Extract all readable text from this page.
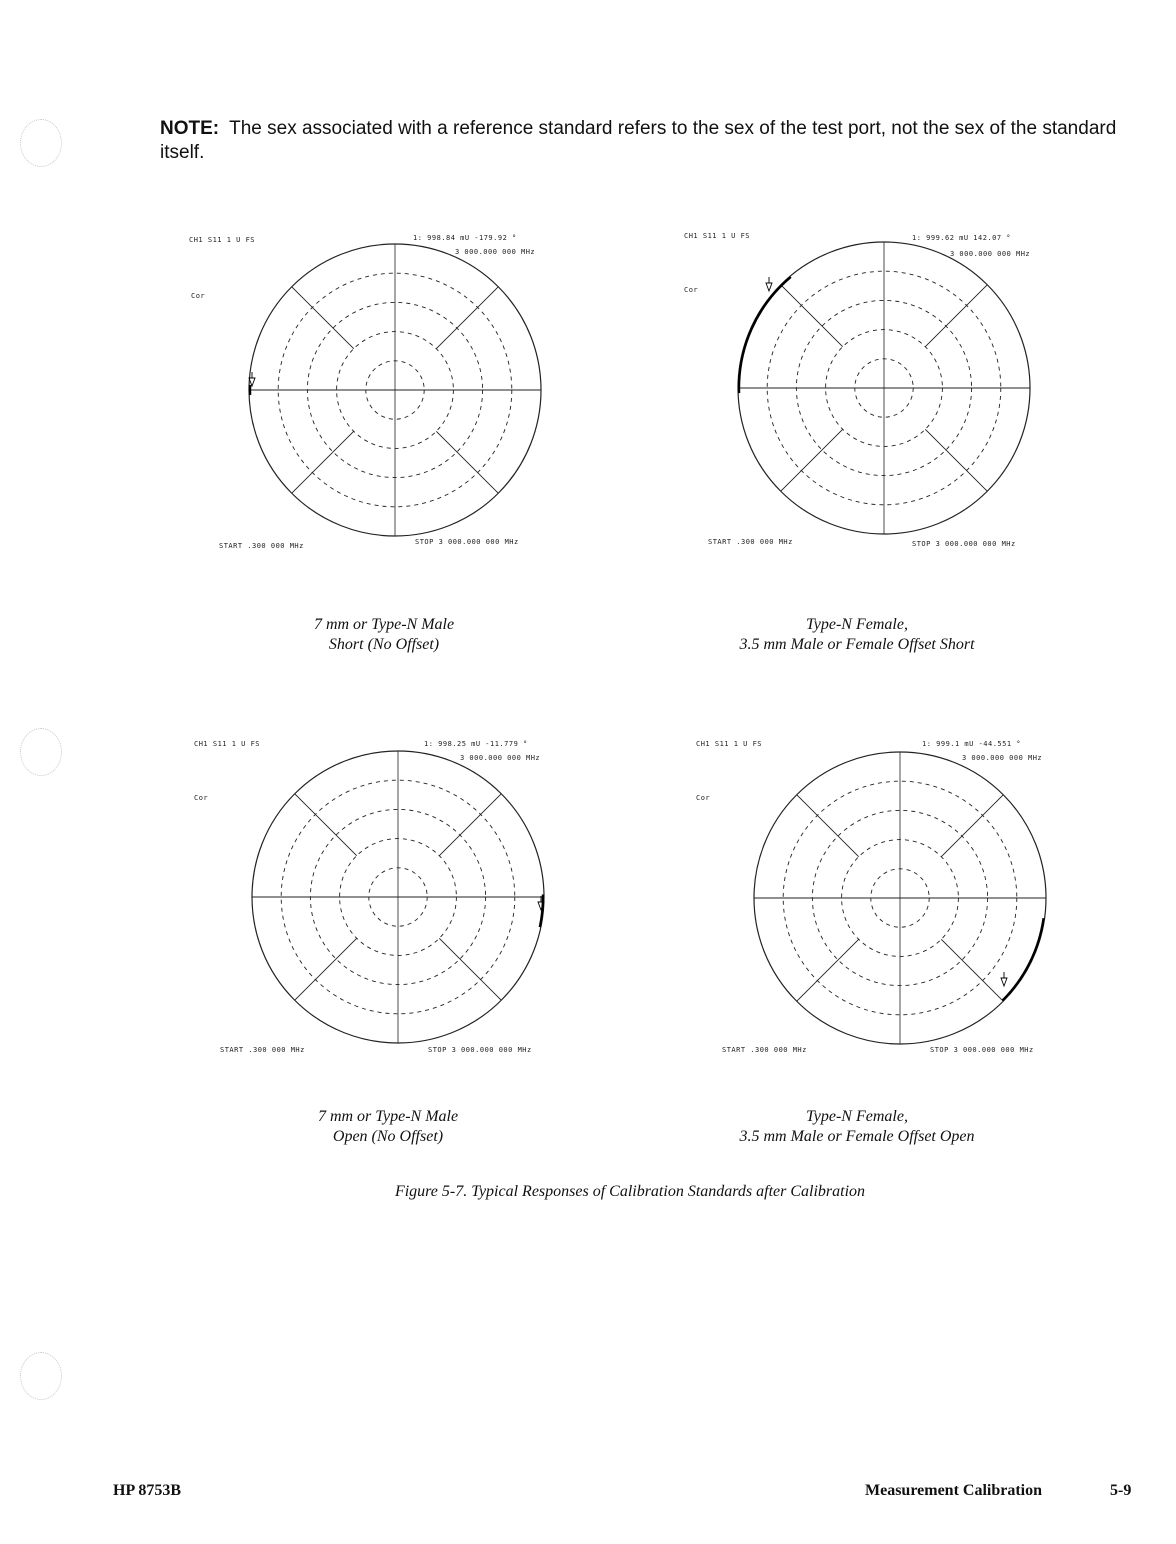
NOTE: The sex associated with a reference standard refers to the sex of the test port, not the sex of the standard itself.
CH1 S11 1 U FS	1: 998.84 mU -179.92 °
3 000.000 000 MHz
Cor
START .300 000 MHz	STOP 3 000.000 000 MHz
7 mm or Type-N Male
Short (No Offset)
CH1 S11 1 U FS	1: 999.62 mU 142.07 °
3 000.000 000 MHz
Cor
START .300 000 MHz	STOP 3 000.000 000 MHz
Type-N Female,
3.5 mm Male or Female Offset Short
CH1 S11 1 U FS	1: 998.25 mU -11.779 °
3 000.000 000 MHz
Cor
START .300 000 MHz	STOP 3 000.000 000 MHz
7 mm or Type-N Male
Open (No Offset)
CH1 S11 1 U FS	1: 999.1 mU -44.551 °
3 000.000 000 MHz
Cor
START .300 000 MHz	STOP 3 000.000 000 MHz
Type-N Female,
3.5 mm Male or Female Offset Open
Figure 5-7. Typical Responses of Calibration Standards after Calibration
HP 8753B	Measurement Calibration	5-9
